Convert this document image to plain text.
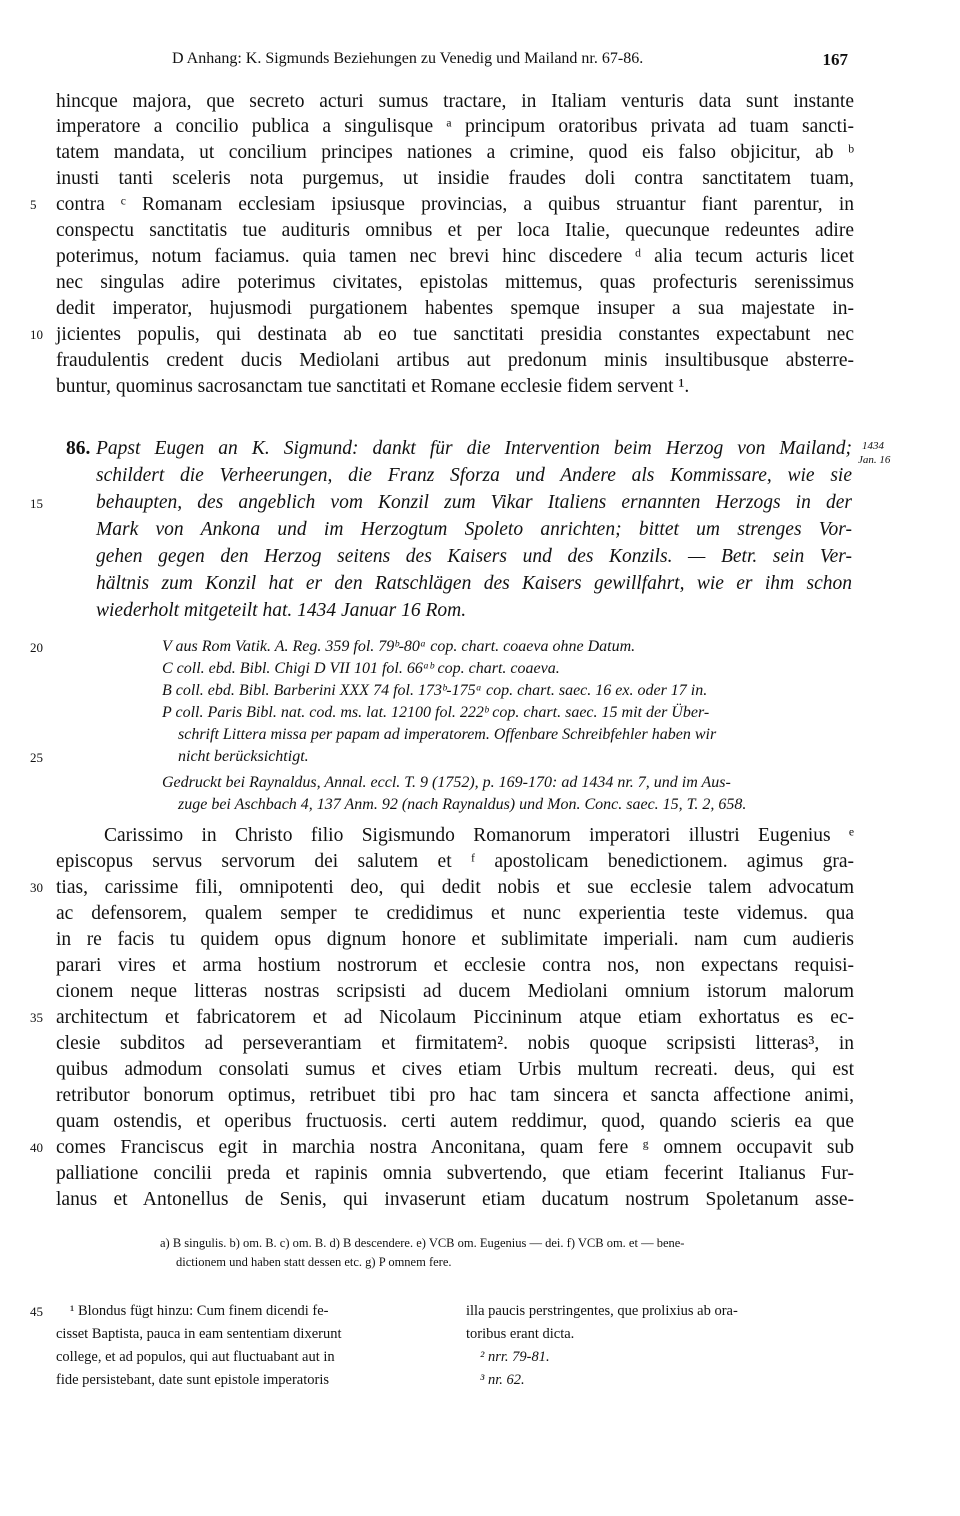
D Anhang: K. Sigmunds Beziehungen zu Venedig und Mailand nr. 67-86.	167
hincque majora, que secreto acturi sumus tractare, in Italiam venturis data sunt instante
imperatore a concilio publica a singulisque ᵃ principum oratoribus privata ad tuam sancti-
tatem mandata, ut concilium principes nationes a crimine, quod eis falso objicitur, ab ᵇ
inusti tanti sceleris nota purgemus, ut insidie fraudes doli contra sanctitatem tuam,
contra ᶜ Romanam ecclesiam ipsiusque provincias, a quibus struantur fiant parentur, in
conspectu sanctitatis tue audituris omnibus et per loca Italie, quecunque redeuntes adire
poterimus, notum faciamus. quia tamen nec brevi hinc discedere ᵈ alia tecum acturis licet
nec singulas adire poterimus civitates, epistolas mittemus, quas profecturis serenissimus
dedit imperator, hujusmodi purgationem habentes spemque insuper a sua majestate in-
jicientes populis, qui destinata ab eo tue sanctitati presidia constantes expectabunt nec
fraudulentis credent ducis Mediolani artibus aut predonum minis insultibusque absterre-
buntur, quominus sacrosanctam tue sanctitati et Romane ecclesie fidem servent ¹.
86. Papst Eugen an K. Sigmund: dankt für die Intervention beim Herzog von Mailand;
schildert die Verheerungen, die Franz Sforza und Andere als Kommissare, wie sie
behaupten, des angeblich vom Konzil zum Vikar Italiens ernannten Herzogs in der
Mark von Ankona und im Herzogtum Spoleto anrichten; bittet um strenges Vor-
gehen gegen den Herzog seitens des Kaisers und des Konzils. — Betr. sein Ver-
hältnis zum Konzil hat er den Ratschlägen des Kaisers gewillfahrt, wie er ihm schon
wiederholt mitgeteilt hat. 1434 Januar 16 Rom.
1434
Jan. 16
V aus Rom Vatik. A. Reg. 359 fol. 79ᵇ-80ᵃ cop. chart. coaeva ohne Datum.
C coll. ebd. Bibl. Chigi D VII 101 fol. 66ᵃᵇ cop. chart. coaeva.
B coll. ebd. Bibl. Barberini XXX 74 fol. 173ᵇ-175ᵃ cop. chart. saec. 16 ex. oder 17 in.
P coll. Paris Bibl. nat. cod. ms. lat. 12100 fol. 222ᵇ cop. chart. saec. 15 mit der Über-
schrift Littera missa per papam ad imperatorem. Offenbare Schreibfehler haben wir
nicht berücksichtigt.
Gedruckt bei Raynaldus, Annal. eccl. T. 9 (1752), p. 169-170: ad 1434 nr. 7, und im Aus-
zuge bei Aschbach 4, 137 Anm. 92 (nach Raynaldus) und Mon. Conc. saec. 15, T. 2, 658.
Carissimo in Christo filio Sigismundo Romanorum imperatori illustri Eugenius ᵉ
episcopus servus servorum dei salutem et ᶠ apostolicam benedictionem. agimus gra-
tias, carissime fili, omnipotenti deo, qui dedit nobis et sue ecclesie talem advocatum
ac defensorem, qualem semper te credidimus et nunc experientia teste videmus. qua
in re facis tu quidem opus dignum honore et sublimitate imperiali. nam cum audieris
parari vires et arma hostium nostrorum et ecclesie contra nos, non expectans requisi-
cionem neque litteras nostras scripsisti ad ducem Mediolani omnium istorum malorum
architectum et fabricatorem et ad Nicolaum Piccininum atque etiam exhortatus es ec-
clesie subditos ad perseverantiam et firmitatem². nobis quoque scripsisti litteras³, in
quibus admodum consolati sumus et cives etiam Urbis multum recreati. deus, qui est
retributor bonorum optimus, retribuet tibi pro hac tam sincera et sancta affectione animi,
quam ostendis, et operibus fructuosis. certi autem reddimur, quod, quando scieris ea que
comes Franciscus egit in marchia nostra Anconitana, quam fere ᵍ omnem occupavit sub
palliatione concilii preda et rapinis omnia subvertendo, que etiam fecerint Italianus Fur-
lanus et Antonellus de Senis, qui invaserunt etiam ducatum nostrum Spoletanum asse-
5
10
15
20
25
30
35
40
45
a) B singulis. b) om. B. c) om. B. d) B descendere. e) VCB om. Eugenius — dei. f) VCB om. et — bene-
dictionem und haben statt dessen etc. g) P omnem fere.
¹ Blondus fügt hinzu: Cum finem dicendi fe-
cisset Baptista, pauca in eam sententiam dixerunt
college, et ad populos, qui aut fluctuabant aut in
fide persistebant, date sunt epistole imperatoris
illa paucis perstringentes, que prolixius ab ora-
toribus erant dicta.
² nrr. 79-81.
³ nr. 62.
